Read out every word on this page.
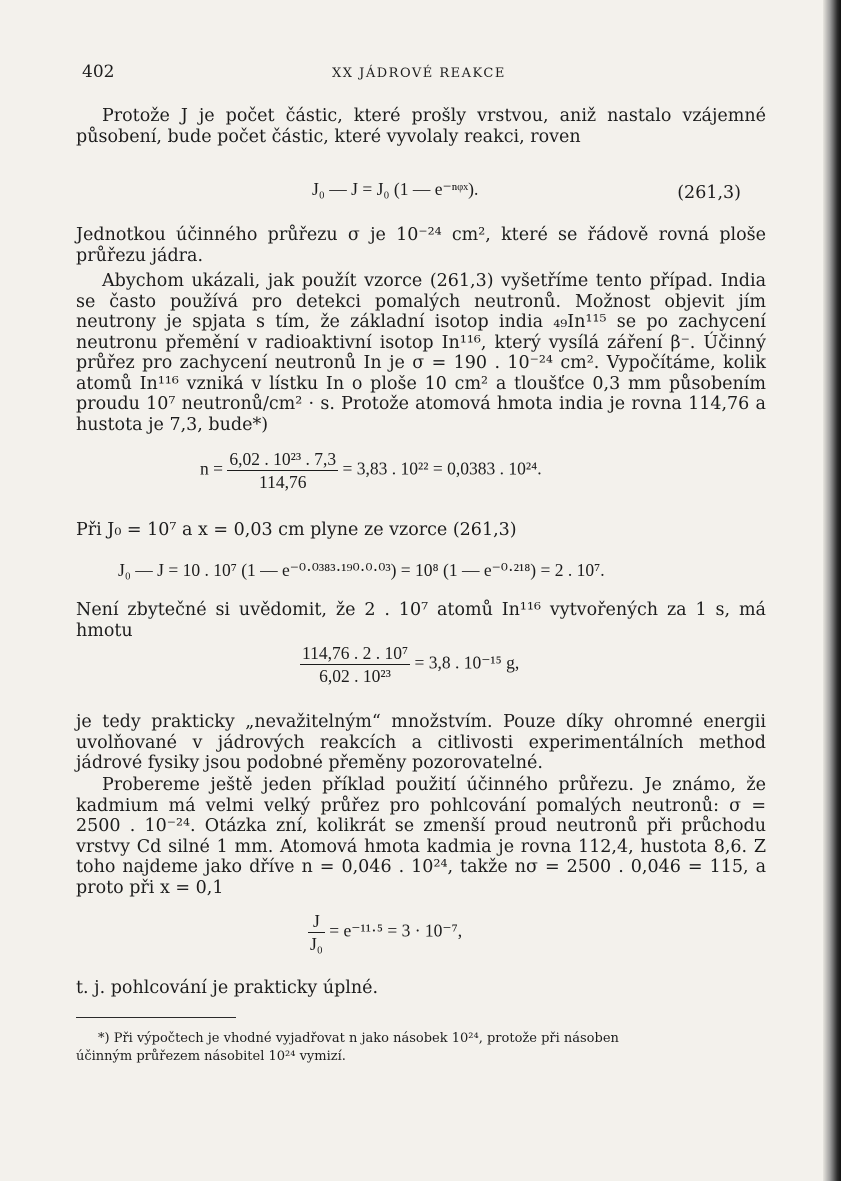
402	XX JÁDROVÉ REAKCE
Protože J je počet částic, které prošly vrstvou, aniž nastalo vzájemné působení, bude počet částic, které vyvolaly reakci, roven
J₀ — J = J₀ (1 — e⁻ⁿᵠˣ).	(261,3)
Jednotkou účinného průřezu σ je 10⁻²⁴ cm², které se řádově rovná ploše průřezu jádra.
Abychom ukázali, jak použít vzorce (261,3) vyšetříme tento případ. India se často používá pro detekci pomalých neutronů. Možnost objevit jím neutrony je spjata s tím, že základní isotop india ₄₉In¹¹⁵ se po zachycení neutronu přemění v radioaktivní isotop In¹¹⁶, který vysílá záření β⁻. Účinný průřez pro zachycení neutronů In je σ = 190 . 10⁻²⁴ cm². Vypočítáme, kolik atomů In¹¹⁶ vzniká v lístku In o ploše 10 cm² a tloušťce 0,3 mm působením proudu 10⁷ neutronů/cm² · s. Protože atomová hmota india je rovna 114,76 a hustota je 7,3, bude*)
$n = \frac{\text{6,02 . 10²³ . 7,3}}{114,76} = 3,83$ . 10²² = 0,0383 . 10²⁴.
Při J₀ = 10⁷ a x = 0,03 cm plyne ze vzorce (261,3)
J₀ — J = 10 . 10⁷ (1 — e⁻⁰·⁰³⁸³·¹⁹⁰·⁰·⁰³) = 10⁸ (1 — e⁻⁰·²¹⁸) = 2 . 10⁷.
Není zbytečné si uvědomit, že 2 . 10⁷ atomů In¹¹⁶ vytvořených za 1 s, má hmotu
$\frac{\text{114,76 . 2 . 10⁷}}{\text{6,02 . 10²³}} = 3,8$ . 10⁻¹⁵ g,
je tedy prakticky „nevažitelným“ množstvím. Pouze díky ohromné energii uvolňované v jádrových reakcích a citlivosti experimentálních method jádrové fysiky jsou podobné přeměny pozorovatelné.
Probereme ještě jeden příklad použití účinného průřezu. Je známo, že kadmium má velmi velký průřez pro pohlcování pomalých neutronů: σ = 2500 . 10⁻²⁴. Otázka zní, kolikrát se zmenší proud neutronů při průchodu vrstvy Cd silné 1 mm. Atomová hmota kadmia je rovna 112,4, hustota 8,6. Z toho najdeme jako dříve n = 0,046 . 10²⁴, takže nσ = 2500 . 0,046 = 115, a proto při x = 0,1
$\frac{J}{\text{J₀}} = e^{-11}\cdot^5 = 3 \cdot 10^{-7}$,
t. j. pohlcování je prakticky úplné.
*) Při výpočtech je vhodné vyjadřovat n jako násobek 10²⁴, protože při násoben
účinným průřezem násobitel 10²⁴ vymizí.
